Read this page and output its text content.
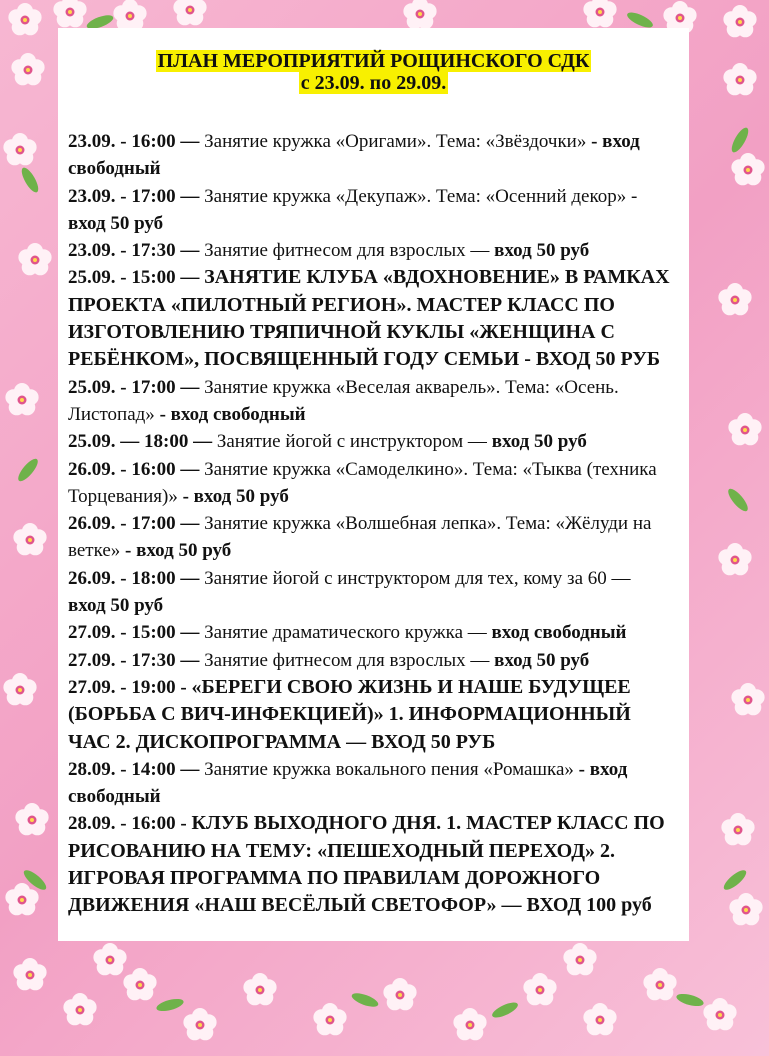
ПЛАН МЕРОПРИЯТИЙ РОЩИНСКОГО СДК
с 23.09. по 29.09.

23.09. - 16:00 — Занятие кружка «Оригами». Тема: «Звёздочки» - вход свободный

23.09. - 17:00 — Занятие кружка «Декупаж». Тема: «Осенний декор» - вход 50 руб

23.09. - 17:30 — Занятие фитнесом для взрослых — вход 50 руб

25.09. - 15:00 — ЗАНЯТИЕ КЛУБА «ВДОХНОВЕНИЕ» В РАМКАХ ПРОЕКТА «ПИЛОТНЫЙ РЕГИОН». МАСТЕР КЛАСС ПО ИЗГОТОВЛЕНИЮ ТРЯПИЧНОЙ КУКЛЫ «ЖЕНЩИНА С РЕБЁНКОМ», ПОСВЯЩЕННЫЙ ГОДУ СЕМЬИ - ВХОД 50 РУБ

25.09. - 17:00 — Занятие кружка «Веселая акварель». Тема: «Осень. Листопад» - вход свободный

25.09. — 18:00 — Занятие йогой с инструктором — вход 50 руб

26.09. - 16:00 — Занятие кружка «Самоделкино». Тема: «Тыква (техника Торцевания)» - вход 50 руб

26.09. - 17:00 — Занятие кружка «Волшебная лепка». Тема: «Жёлуди на ветке» - вход 50 руб

26.09. - 18:00 — Занятие йогой с инструктором для тех, кому за 60 — вход 50 руб

27.09. - 15:00 — Занятие драматического кружка — вход свободный

27.09. - 17:30 — Занятие фитнесом для взрослых — вход 50 руб

27.09. - 19:00 - «БЕРЕГИ СВОЮ ЖИЗНЬ И НАШЕ БУДУЩЕЕ (БОРЬБА С ВИЧ-ИНФЕКЦИЕЙ)» 1. ИНФОРМАЦИОННЫЙ ЧАС 2. ДИСКОПРОГРАММА — ВХОД 50 РУБ

28.09. - 14:00 — Занятие кружка вокального пения «Ромашка» - вход свободный

28.09. - 16:00 - КЛУБ ВЫХОДНОГО ДНЯ. 1. МАСТЕР КЛАСС ПО РИСОВАНИЮ НА ТЕМУ: «ПЕШЕХОДНЫЙ ПЕРЕХОД» 2. ИГРОВАЯ ПРОГРАММА ПО ПРАВИЛАМ ДОРОЖНОГО ДВИЖЕНИЯ «НАШ ВЕСЁЛЫЙ СВЕТОФОР» — ВХОД 100 руб
